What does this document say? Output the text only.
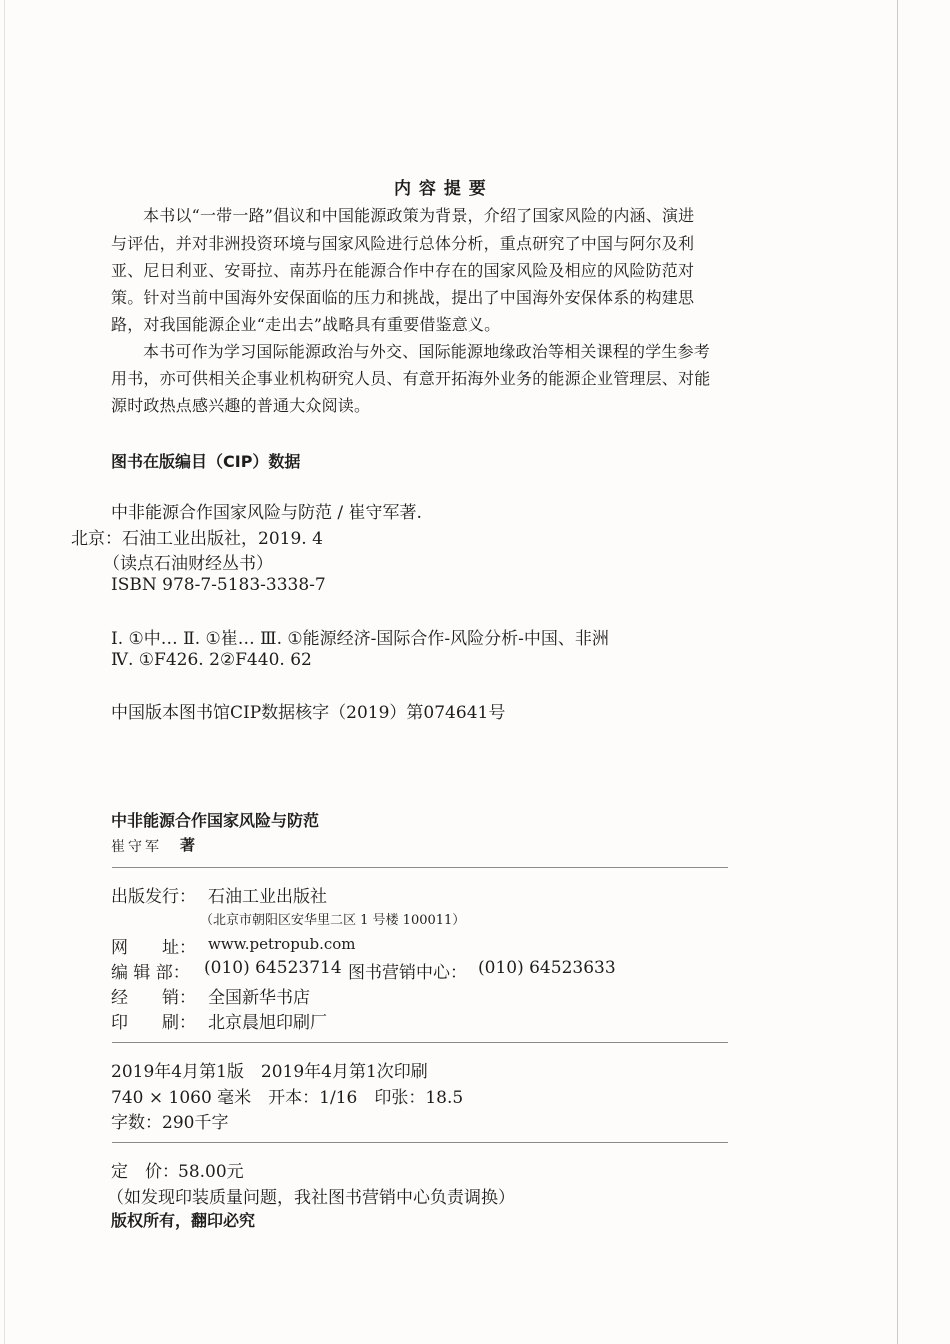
内 容 提 要
本书以“一带一路”倡议和中国能源政策为背景，介绍了国家风险的内涵、演进
与评估，并对非洲投资环境与国家风险进行总体分析，重点研究了中国与阿尔及利
亚、尼日利亚、安哥拉、南苏丹在能源合作中存在的国家风险及相应的风险防范对
策。针对当前中国海外安保面临的压力和挑战，提出了中国海外安保体系的构建思
路，对我国能源企业“走出去”战略具有重要借鉴意义。
本书可作为学习国际能源政治与外交、国际能源地缘政治等相关课程的学生参考
用书，亦可供相关企事业机构研究人员、有意开拓海外业务的能源企业管理层、对能
源时政热点感兴趣的普通大众阅读。
图书在版编目（CIP）数据
中非能源合作国家风险与防范 / 崔守军著.
北京：石油工业出版社，2019. 4
（读点石油财经丛书）
ISBN 978-7-5183-3338-7
Ⅰ. ①中… Ⅱ. ①崔… Ⅲ. ①能源经济-国际合作-风险分析-中国、非洲
Ⅳ. ①F426. 2②F440. 62
中国版本图书馆CIP数据核字（2019）第074641号
中非能源合作国家风险与防范
崔守军 著
出版发行： 石油工业出版社
（北京市朝阳区安华里二区 1 号楼 100011）
网　　址： www.petropub.com
编 辑 部： (010) 64523714 图书营销中心： (010) 64523633
经　　销： 全国新华书店
印　　刷： 北京晨旭印刷厂
2019年4月第1版　2019年4月第1次印刷
740 × 1060 毫米　开本：1/16　印张：18.5
字数：290千字
定　价： 58.00元
（如发现印装质量问题，我社图书营销中心负责调换）
版权所有，翻印必究
